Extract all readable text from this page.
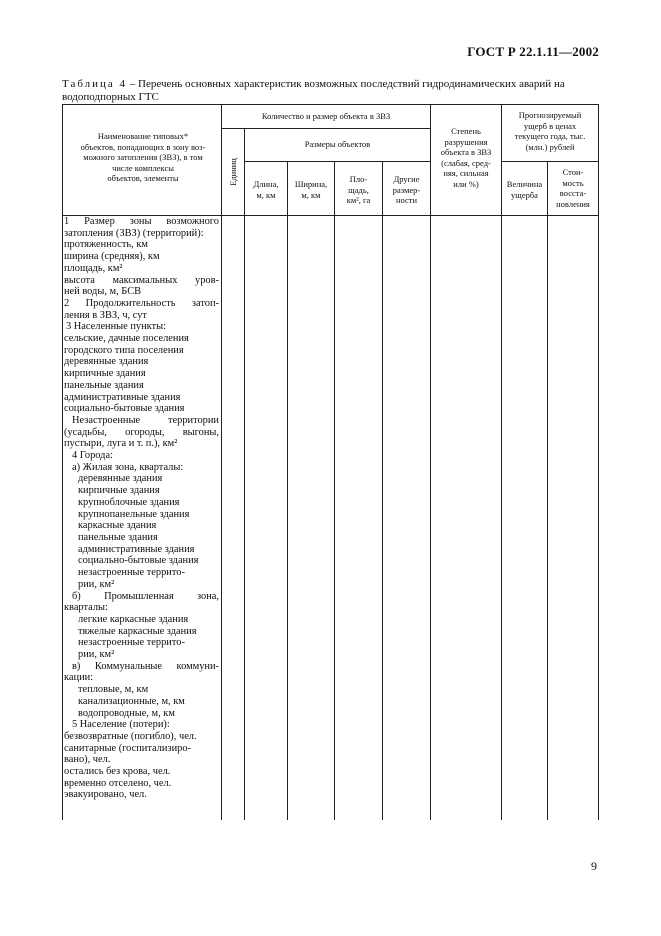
ГОСТ Р 22.1.11—2002
Таблица 4 – Перечень основных характеристик возможных последствий гидродинамических аварий на
водоподпорных ГТС
Наименование типовых*
объектов, попадающих в зону воз-
можного затопления (ЗВЗ), в том
числе комплексы
объектов, элементы
Количество и размер объекта в ЗВЗ
Единиц
Размеры объектов
Длина,
м, км
Ширина,
м, км
Пло-
щадь,
км², га
Другие
размер-
ности
Степень
разрушения
объекта в ЗВЗ
(слабая, сред-
няя, сильная
или %)
Прогнозируемый
ущерб в ценах
текущего года, тыс.
(млн.) рублей
Величина
ущерба
Стои-
мость
восста-
новления
1 Размер зоны возможного
затопления (ЗВЗ) (территорий):
протяженность, км
ширина (средняя), км
площадь, км²
высота максимальных уров-
ней воды, м, БСВ
2 Продолжительность затоп-
ления в ЗВЗ, ч, сут
3 Населенные пункты:
сельские, дачные поселения
городского типа поселения
деревянные здания
кирпичные здания
панельные здания
административные здания
социально-бытовые здания
Незастроенные территории
(усадьбы, огороды, выгоны,
пустыри, луга и т. п.), км²
4 Города:
а) Жилая зона, кварталы:
деревянные здания
кирпичные здания
крупноблочные здания
крупнопанельные здания
каркасные здания
панельные здания
административные здания
социально-бытовые здания
незастроенные террито-
рии, км²
б) Промышленная зона,
кварталы:
легкие каркасные здания
тяжелые каркасные здания
незастроенные террито-
рии, км²
в) Коммунальные коммуни-
кации:
тепловые, м, км
канализационные, м, км
водопроводные, м, км
5 Население (потери):
безвозвратные (погибло), чел.
санитарные (госпитализиро-
вано), чел.
остались без крова, чел.
временно отселено, чел.
эвакуировано, чел.
9
